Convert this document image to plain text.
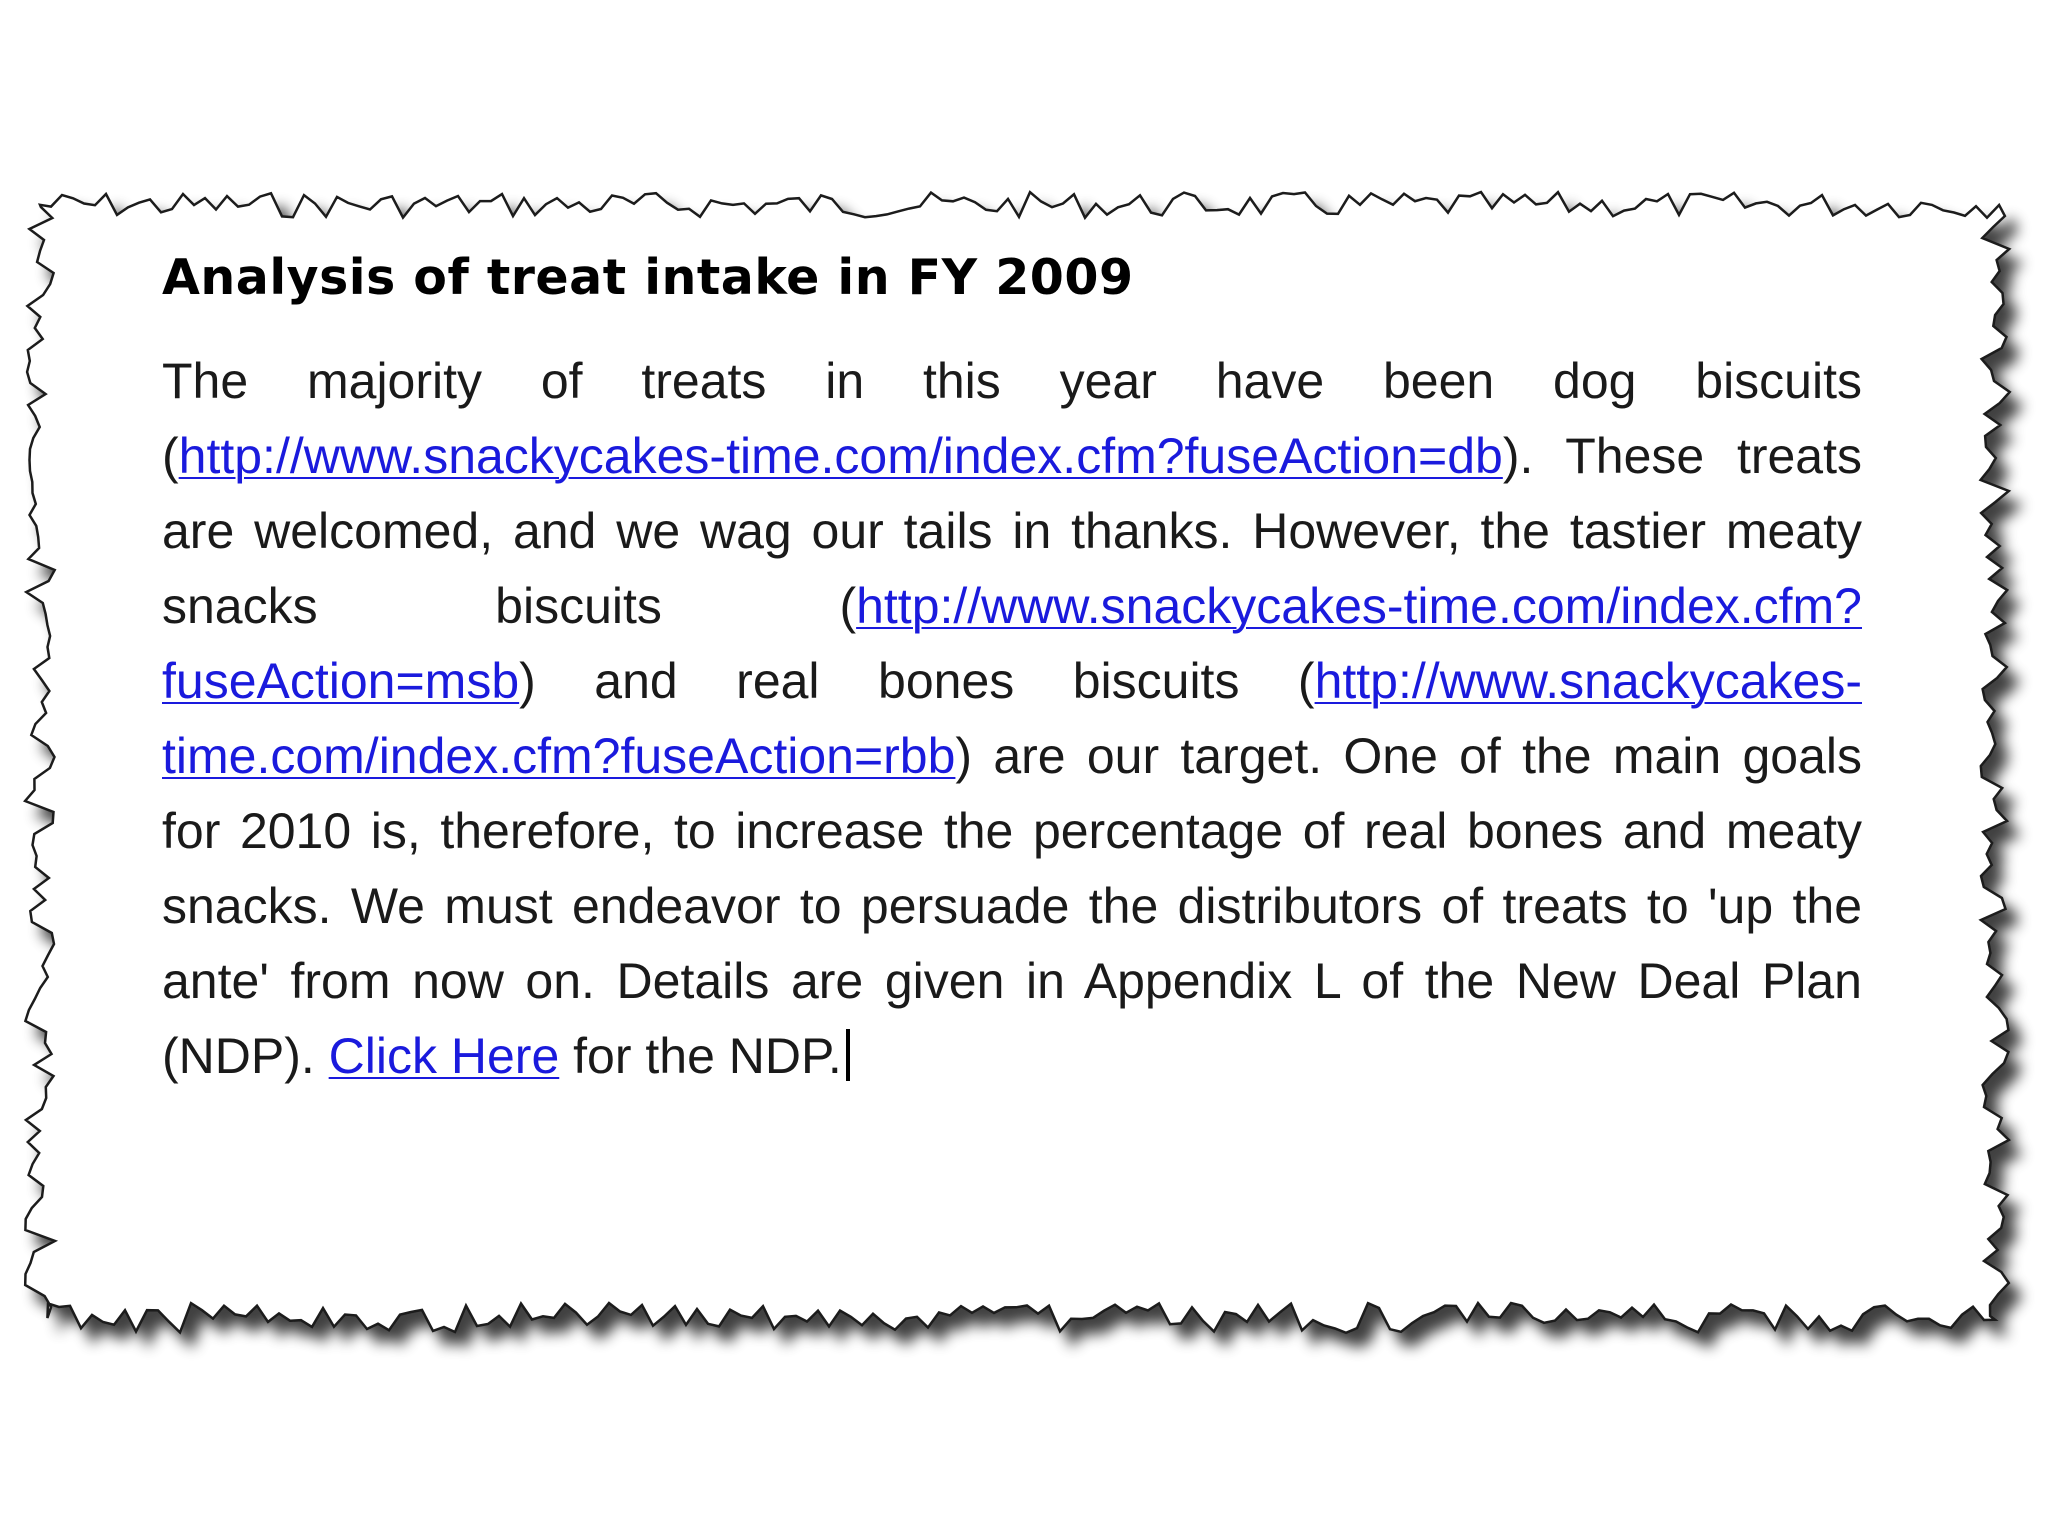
Analysis of treat intake in FY 2009

The majority of treats in this year have been dog biscuits (http://www.snackycakes-time.com/index.cfm?fuseAction=db). These treats are welcomed, and we wag our tails in thanks. However, the tastier meaty snacks biscuits (http://www.snackycakes-time.com/index.cfm?fuseAction=msb) and real bones biscuits (http://www.snackycakes-time.com/index.cfm?fuseAction=rbb) are our target. One of the main goals for 2010 is, therefore, to increase the percentage of real bones and meaty snacks. We must endeavor to persuade the distributors of treats to 'up the ante' from now on. Details are given in Appendix L of the New Deal Plan (NDP). Click Here for the NDP.
